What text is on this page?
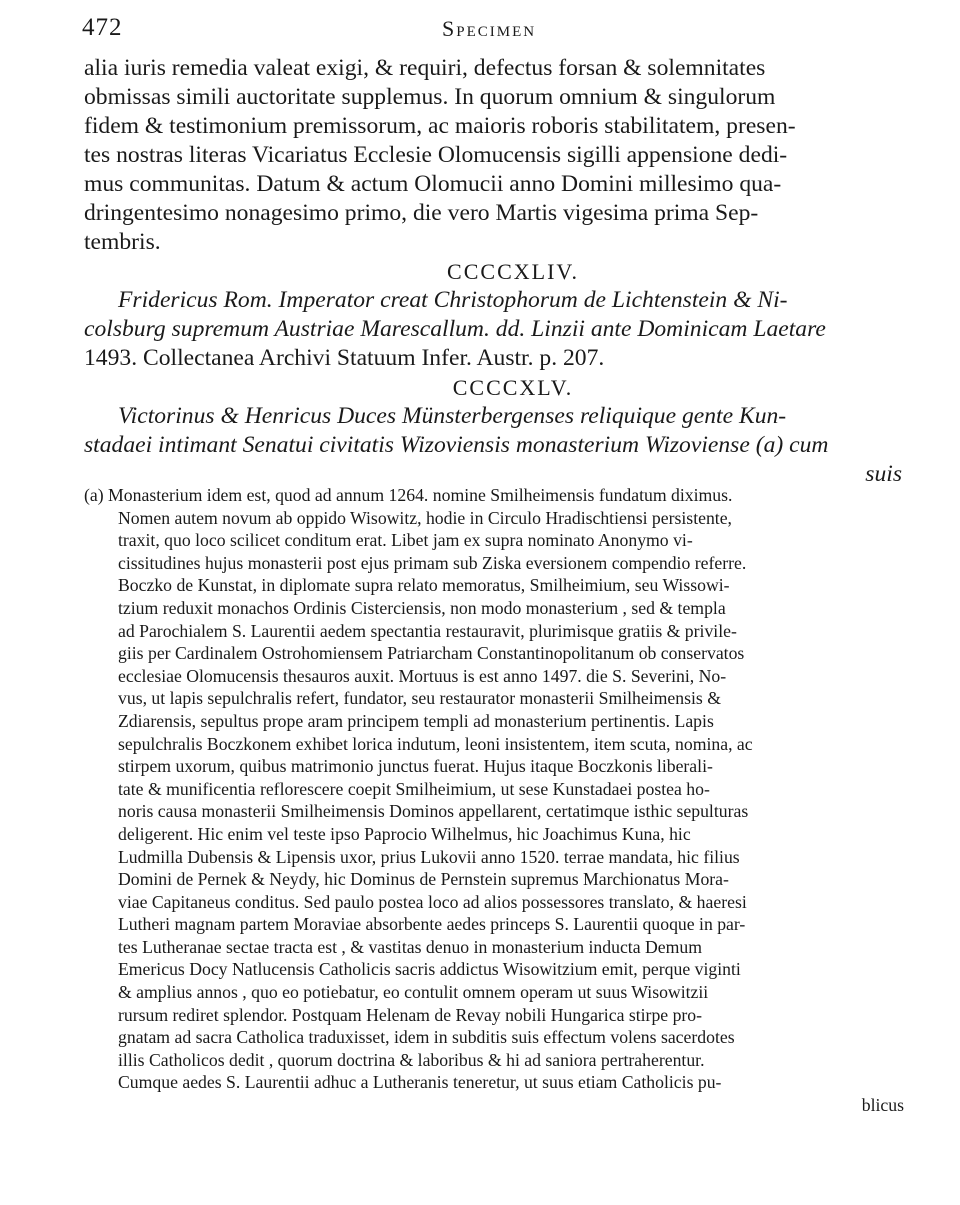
472	Specimen
alia iuris remedia valeat exigi, & requiri, defectus forsan & solemnitates
obmissas simili auctoritate supplemus. In quorum omnium & singulorum
fidem & testimonium premissorum, ac maioris roboris stabilitatem, presen-
tes nostras literas Vicariatus Ecclesie Olomucensis sigilli appensione dedi-
mus communitas. Datum & actum Olomucii anno Domini millesimo qua-
dringentesimo nonagesimo primo, die vero Martis vigesima prima Sep-
tembris.
CCCCXLIV.
Fridericus Rom. Imperator creat Christophorum de Lichtenstein & Ni-
colsburg supremum Austriae Marescallum. dd. Linzii ante Dominicam Laetare
1493. Collectanea Archivi Statuum Infer. Austr. p. 207.
CCCCXLV.
Victorinus & Henricus Duces Münsterbergenses reliquique gente Kun-
stadaei intimant Senatui civitatis Wizoviensis monasterium Wizoviense (a) cum
suis
(a) Monasterium idem est, quod ad annum 1264. nomine Smilheimensis fundatum diximus.
Nomen autem novum ab oppido Wisowitz, hodie in Circulo Hradischtiensi persistente,
traxit, quo loco scilicet conditum erat. Libet jam ex supra nominato Anonymo vi-
cissitudines hujus monasterii post ejus primam sub Ziska eversionem compendio referre.
Boczko de Kunstat, in diplomate supra relato memoratus, Smilheimium, seu Wissowi-
tzium reduxit monachos Ordinis Cisterciensis, non modo monasterium , sed & templa
ad Parochialem S. Laurentii aedem spectantia restauravit, plurimisque gratiis & privile-
giis per Cardinalem Ostrohomiensem Patriarcham Constantinopolitanum ob conservatos
ecclesiae Olomucensis thesauros auxit. Mortuus is est anno 1497. die S. Severini, No-
vus, ut lapis sepulchralis refert, fundator, seu restaurator monasterii Smilheimensis &
Zdiarensis, sepultus prope aram principem templi ad monasterium pertinentis. Lapis
sepulchralis Boczkonem exhibet lorica indutum, leoni insistentem, item scuta, nomina, ac
stirpem uxorum, quibus matrimonio junctus fuerat. Hujus itaque Boczkonis liberali-
tate & munificentia reflorescere coepit Smilheimium, ut sese Kunstadaei postea ho-
noris causa monasterii Smilheimensis Dominos appellarent, certatimque isthic sepulturas
deligerent. Hic enim vel teste ipso Paprocio Wilhelmus, hic Joachimus Kuna, hic
Ludmilla Dubensis & Lipensis uxor, prius Lukovii anno 1520. terrae mandata, hic filius
Domini de Pernek & Neydy, hic Dominus de Pernstein supremus Marchionatus Mora-
viae Capitaneus conditus. Sed paulo postea loco ad alios possessores translato, & haeresi
Lutheri magnam partem Moraviae absorbente aedes princeps S. Laurentii quoque in par-
tes Lutheranae sectae tracta est , & vastitas denuo in monasterium inducta Demum
Emericus Docy Natlucensis Catholicis sacris addictus Wisowitzium emit, perque viginti
& amplius annos , quo eo potiebatur, eo contulit omnem operam ut suus Wisowitzii
rursum rediret splendor. Postquam Helenam de Revay nobili Hungarica stirpe pro-
gnatam ad sacra Catholica traduxisset, idem in subditis suis effectum volens sacerdotes
illis Catholicos dedit , quorum doctrina & laboribus & hi ad saniora pertraherentur.
Cumque aedes S. Laurentii adhuc a Lutheranis teneretur, ut suus etiam Catholicis pu-
blicus
